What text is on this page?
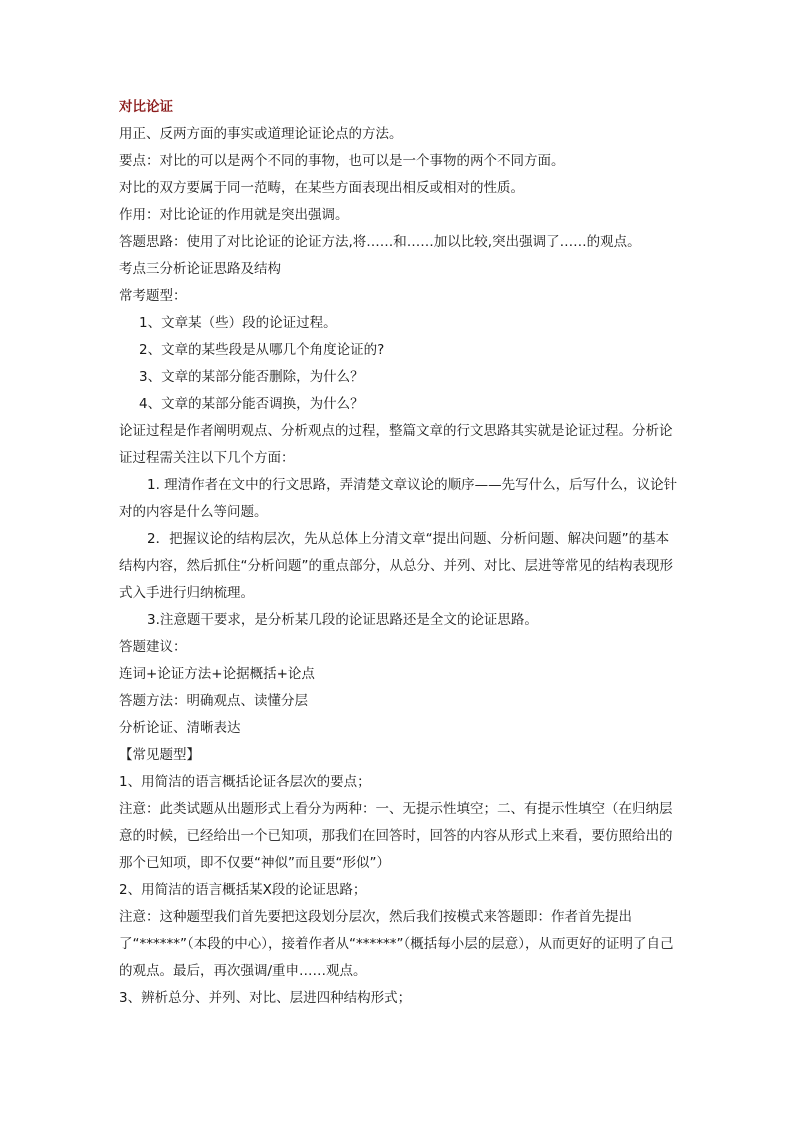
对比论证

用正、反两方面的事实或道理论证论点的方法。

要点：对比的可以是两个不同的事物，也可以是一个事物的两个不同方面。

对比的双方要属于同一范畴，在某些方面表现出相反或相对的性质。

作用：对比论证的作用就是突出强调。

答题思路：使用了对比论证的论证方法,将……和……加以比较,突出强调了……的观点。

考点三分析论证思路及结构

常考题型：

1、文章某（些）段的论证过程。

2、文章的某些段是从哪几个角度论证的?

3、文章的某部分能否删除，为什么？

4、文章的某部分能否调换，为什么？

论证过程是作者阐明观点、分析观点的过程，整篇文章的行文思路其实就是论证过程。分析论证过程需关注以下几个方面：

1. 理清作者在文中的行文思路，弄清楚文章议论的顺序——先写什么，后写什么，议论针对的内容是什么等问题。

2．把握议论的结构层次，先从总体上分清文章“提出问题、分析问题、解决问题”的基本结构内容，然后抓住“分析问题”的重点部分，从总分、并列、对比、层进等常见的结构表现形式入手进行归纳梳理。

3.注意题干要求，是分析某几段的论证思路还是全文的论证思路。

答题建议：

连词+论证方法+论据概括+论点

答题方法：明确观点、读懂分层

分析论证、清晰表达

【常见题型】

1、用简洁的语言概括论证各层次的要点；

注意：此类试题从出题形式上看分为两种：一、无提示性填空；二、有提示性填空（在归纳层意的时候，已经给出一个已知项，那我们在回答时，回答的内容从形式上来看，要仿照给出的那个已知项，即不仅要“神似”而且要“形似”）

2、用简洁的语言概括某X段的论证思路；

注意：这种题型我们首先要把这段划分层次，然后我们按模式来答题即：作者首先提出了“******”（本段的中心），接着作者从“******”（概括每小层的层意），从而更好的证明了自己的观点。最后，再次强调/重申……观点。

3、辨析总分、并列、对比、层进四种结构形式；
